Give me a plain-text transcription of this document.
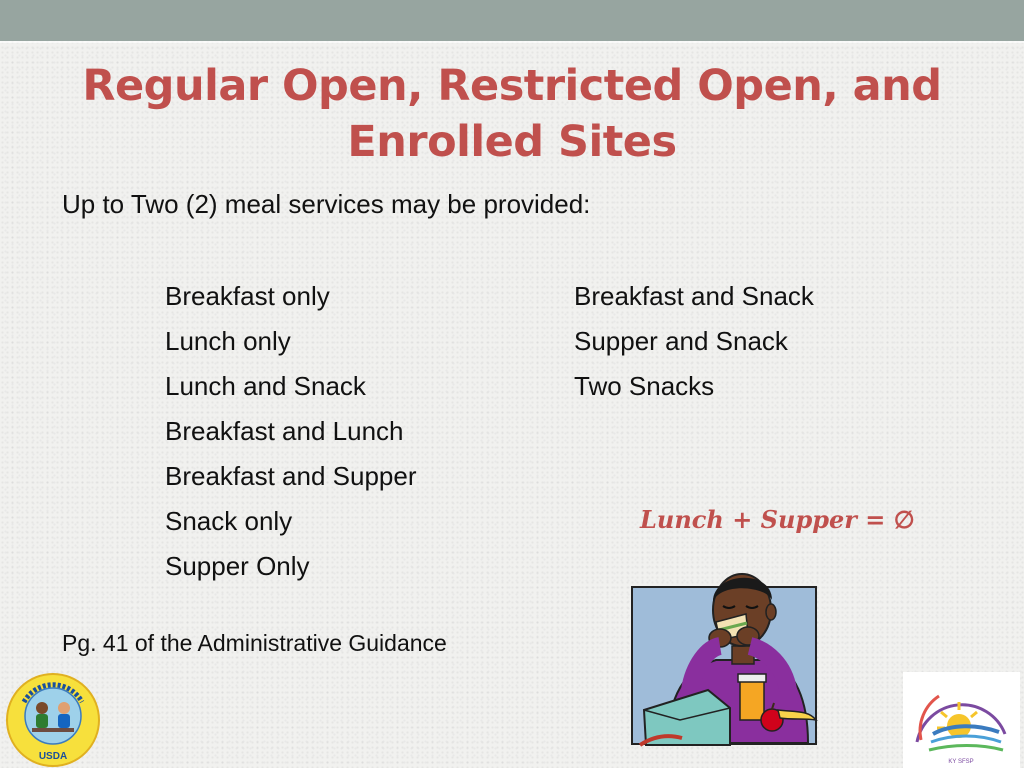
Regular Open, Restricted Open, and Enrolled Sites
Up to Two (2) meal services may be provided:
Breakfast only
Lunch only
Lunch and Snack
Breakfast and Lunch
Breakfast and Supper
Snack only
Supper Only
Breakfast and Snack
Supper and Snack
Two Snacks
Lunch + Supper = ∅
Pg. 41 of the Administrative Guidance
USDA	KY SFSP
